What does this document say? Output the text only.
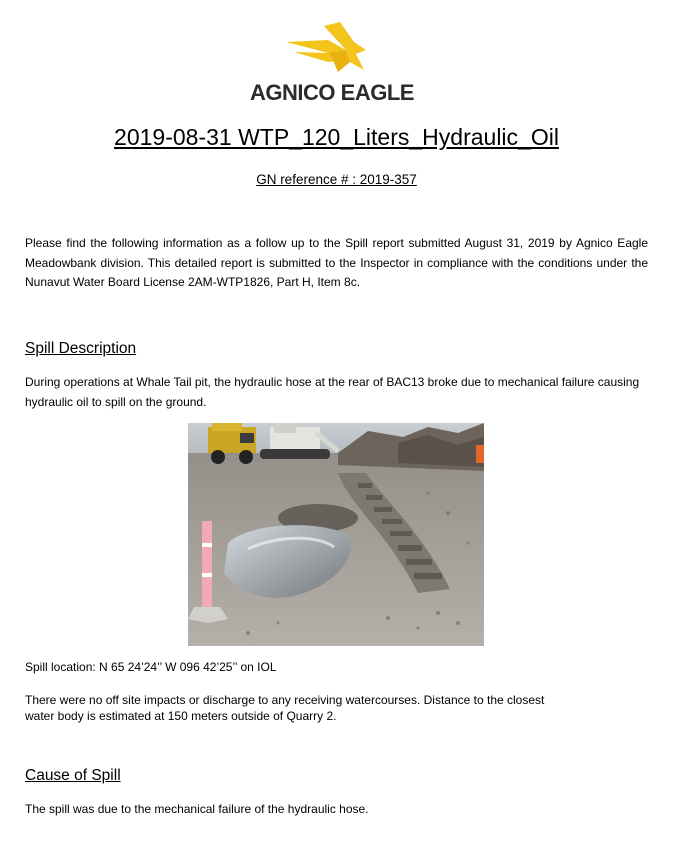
AGNICO EAGLE
2019-08-31 WTP_120_Liters_Hydraulic_Oil
GN reference # : 2019-357
Please find the following information as a follow up to the Spill report submitted August 31, 2019 by Agnico Eagle Meadowbank division. This detailed report is submitted to the Inspector in compliance with the conditions under the Nunavut Water Board License 2AM-WTP1826, Part H, Item 8c.
Spill Description
During operations at Whale Tail pit, the hydraulic hose at the rear of BAC13 broke due to mechanical failure causing hydraulic oil to spill on the ground.
Spill location: N 65 24’24’’ W 096 42’25’’ on IOL
There were no off site impacts or discharge to any receiving watercourses. Distance to the closest
water body is estimated at 150 meters outside of Quarry 2.
Cause of Spill
The spill was due to the mechanical failure of the hydraulic hose.
